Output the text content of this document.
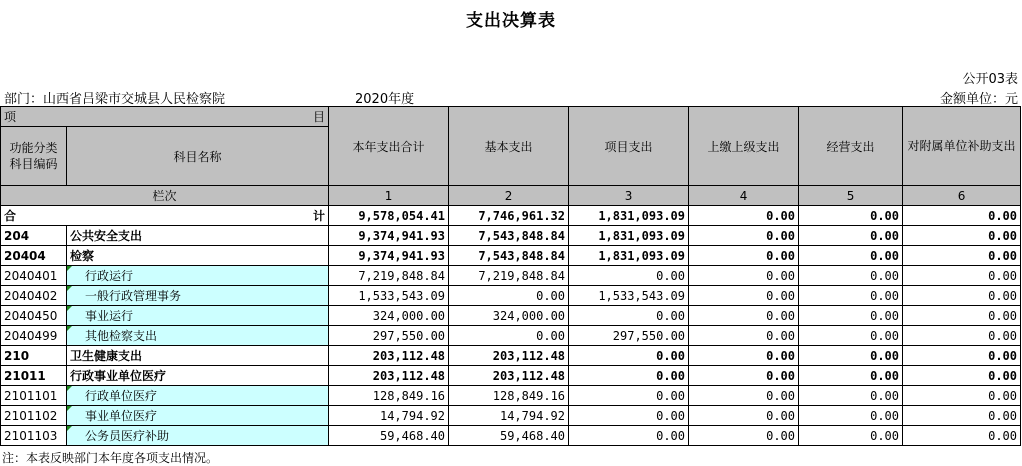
支出决算表
公开03表
部门：山西省吕梁市交城县人民检察院	2020年度	金额单位：元
项 目		本年支出合计	基本支出	项目支出	上缴上级支出	经营支出	对附属单位补助支出
功能分类
科目编码	科目名称						
栏次		1	2	3	4	5	6
合 计		9,578,054.41	7,746,961.32	1,831,093.09	0.00	0.00	0.00
204	公共安全支出	9,374,941.93	7,543,848.84	1,831,093.09	0.00	0.00	0.00
20404	检察	9,374,941.93	7,543,848.84	1,831,093.09	0.00	0.00	0.00
2040401	行政运行	7,219,848.84	7,219,848.84	0.00	0.00	0.00	0.00
2040402	一般行政管理事务	1,533,543.09	0.00	1,533,543.09	0.00	0.00	0.00
2040450	事业运行	324,000.00	324,000.00	0.00	0.00	0.00	0.00
2040499	其他检察支出	297,550.00	0.00	297,550.00	0.00	0.00	0.00
210	卫生健康支出	203,112.48	203,112.48	0.00	0.00	0.00	0.00
21011	行政事业单位医疗	203,112.48	203,112.48	0.00	0.00	0.00	0.00
2101101	行政单位医疗	128,849.16	128,849.16	0.00	0.00	0.00	0.00
2101102	事业单位医疗	14,794.92	14,794.92	0.00	0.00	0.00	0.00
2101103	公务员医疗补助	59,468.40	59,468.40	0.00	0.00	0.00	0.00
注：本表反映部门本年度各项支出情况。
